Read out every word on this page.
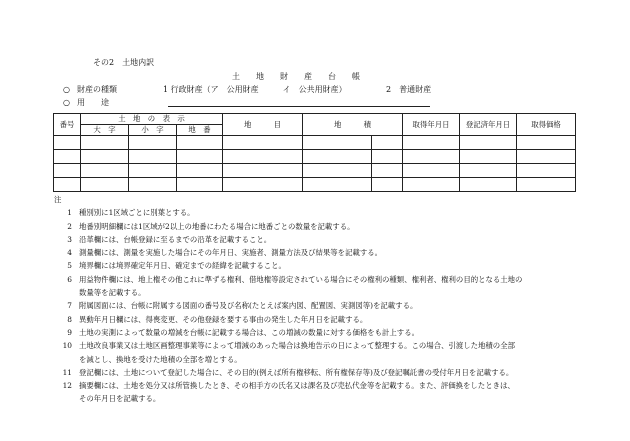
その2　土地内訳
土　　地　　財　　産　　台　　帳
○ 財産の種類	1 行政財産（ア　公用財産　　　イ　公共用財産）	2　普通財産
○ 用　　途
番号	土　地　の　表　示			地　　　目	地　　　積		取得年月日	登記済年月日	取得価格
	大　字	小　字	地　番						

注
1 種別別に1区域ごとに別葉とする。
2 地番別明細欄には1区域が2以上の地番にわたる場合に地番ごとの数量を記載する。
3 沿革欄には、台帳登録に至るまでの沿革を記載すること。
4 測量欄には、測量を実施した場合にその年月日、実施者、測量方法及び結果等を記載する。
5 境界欄には境界確定年月日、確定までの経緯を記載すること。
6 用益物件欄には、地上権その他これに準ずる権利、借地権等設定されている場合にその権利の種類、権利者、権利の目的となる土地の
数量等を記載する。
7 附属図面には、台帳に附属する図面の番号及び名称(たとえば案内図、配置図、実測図等)を記載する。
8 異動年月日欄には、得喪変更、その他登録を要する事由の発生した年月日を記載する。
9 土地の実測によって数量の増減を台帳に記載する場合は、この増減の数量に対する価格をも計上する。
10 土地改良事業又は土地区画整理事業等によって増減のあった場合は換地告示の日によって整理する。この場合、引渡した地積の全部
を減とし、換地を受けた地積の全部を増とする。
11 登記欄には、土地について登記した場合に、その目的(例えば所有権移転、所有権保存等)及び登記嘱託書の受付年月日を記載する。
12 摘要欄には、土地を処分又は所管換したとき、その相手方の氏名又は課名及び売払代金等を記載する。また、評価換をしたときは、
その年月日を記載する。
